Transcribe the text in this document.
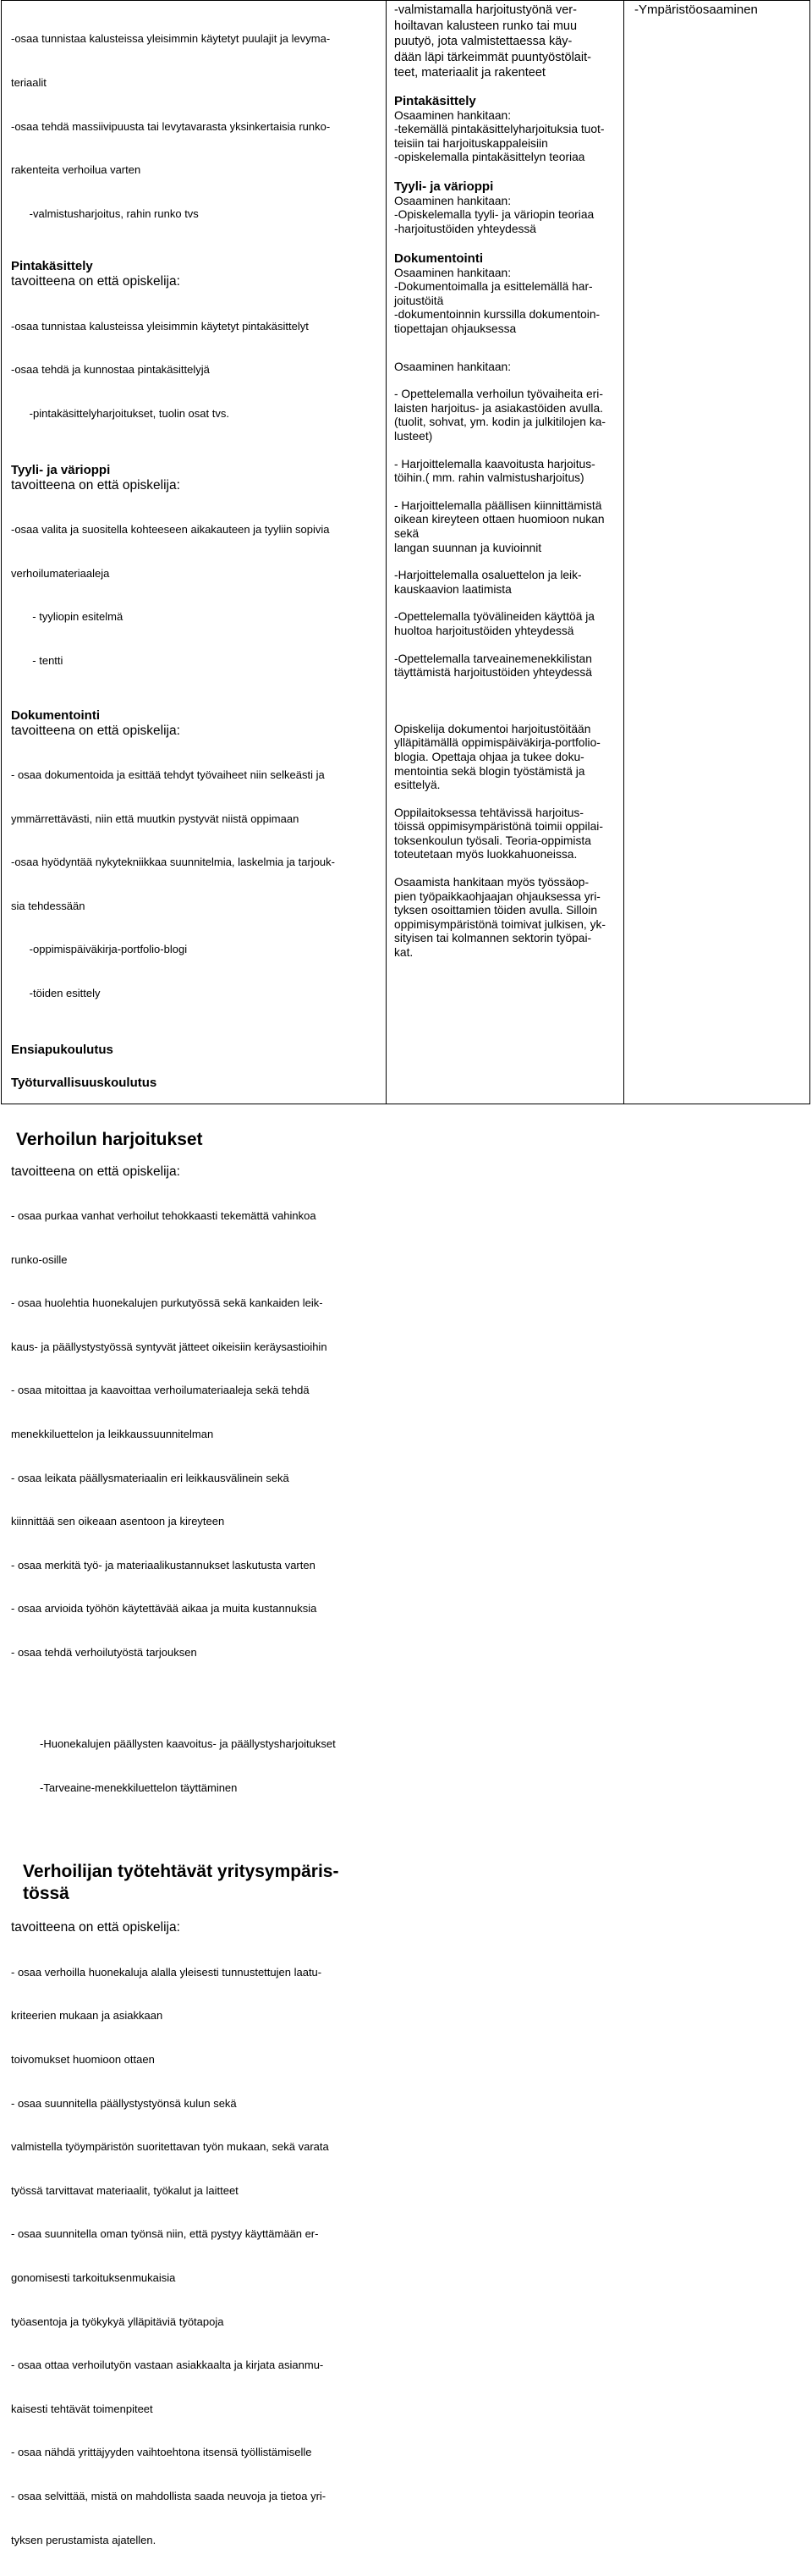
-osaa tunnistaa kalusteissa yleisimmin käytetyt puulajit ja levyma-

teriaalit

-osaa tehdä massiivipuusta tai levytavarasta yksinkertaisia runko-

rakenteita verhoilua varten

-valmistusharjoitus, rahin runko tvs

Pintakäsittely
tavoitteena on että opiskelija:

-osaa tunnistaa kalusteissa yleisimmin käytetyt pintakäsittelyt

-osaa tehdä ja kunnostaa pintakäsittelyjä

-pintakäsittelyharjoitukset, tuolin osat tvs.

Tyyli- ja värioppi
tavoitteena on että opiskelija:

-osaa valita ja suositella kohteeseen aikakauteen ja tyyliin sopivia

verhoilumateriaaleja

- tyyliopin esitelmä

- tentti

Dokumentointi
tavoitteena on että opiskelija:

- osaa dokumentoida ja esittää tehdyt työvaiheet niin selkeästi ja

ymmärrettävästi, niin että muutkin pystyvät niistä oppimaan

-osaa hyödyntää nykytekniikkaa suunnitelmia, laskelmia ja tarjouk-

sia tehdessään

-oppimispäiväkirja-portfolio-blogi

-töiden esittely

Ensiapukoulutus
Työturvallisuuskoulutus
Verhoilun harjoitukset
tavoitteena on että opiskelija:

- osaa purkaa vanhat verhoilut tehokkaasti tekemättä vahinkoa

runko-osille

- osaa huolehtia huonekalujen purkutyössä sekä kankaiden leik-

kaus- ja päällystystyössä syntyvät jätteet oikeisiin keräysastioihin

- osaa mitoittaa ja kaavoittaa verhoilumateriaaleja sekä tehdä

menekkiluettelon ja leikkaussuunnitelman

- osaa leikata päällysmateriaalin eri leikkausvälinein sekä

kiinnittää sen oikeaan asentoon ja kireyteen

- osaa merkitä työ- ja materiaalikustannukset laskutusta varten

- osaa arvioida työhön käytettävää aikaa ja muita kustannuksia

- osaa tehdä verhoilutyöstä tarjouksen

-Huonekalujen päällysten kaavoitus- ja päällystysharjoitukset

-Tarveaine-menekkiluettelon täyttäminen

Verhoilijan työtehtävät yritysympäris-
tössä
tavoitteena on että opiskelija:

- osaa verhoilla huonekaluja alalla yleisesti tunnustettujen laatu-

kriteerien mukaan ja asiakkaan

toivomukset huomioon ottaen

- osaa suunnitella päällystystyönsä kulun sekä

valmistella työympäristön suoritettavan työn mukaan, sekä varata

työssä tarvittavat materiaalit, työkalut ja laitteet

- osaa suunnitella oman työnsä niin, että pystyy käyttämään er-

gonomisesti tarkoituksenmukaisia

työasentoja ja työkykyä ylläpitäviä työtapoja

- osaa ottaa verhoilutyön vastaan asiakkaalta ja kirjata asianmu-

kaisesti tehtävät toimenpiteet

- osaa nähdä yrittäjyyden vaihtoehtona itsensä työllistämiselle

- osaa selvittää, mistä on mahdollista saada neuvoja ja tietoa yri-

tyksen perustamista ajatellen.

-valmistamalla harjoitustyönä ver-
hoiltavan kalusteen runko tai muu
puutyö, jota valmistettaessa käy-
dään läpi tärkeimmät puuntyöstölait-
teet, materiaalit ja rakenteet
Pintakäsittely
Osaaminen hankitaan:
-tekemällä pintakäsittelyharjoituksia tuot-
teisiin tai harjoituskappaleisiin
-opiskelemalla pintakäsittelyn teoriaa
Tyyli- ja värioppi
Osaaminen hankitaan:
-Opiskelemalla tyyli- ja väriopin teoriaa
-harjoitustöiden yhteydessä
Dokumentointi
Osaaminen hankitaan:
-Dokumentoimalla ja esittelemällä har-
joitustöitä
-dokumentoinnin kurssilla dokumentoin-
tiopettajan ohjauksessa
Osaaminen hankitaan:
- Opettelemalla verhoilun työvaiheita eri-
laisten harjoitus- ja asiakastöiden avulla.
(tuolit, sohvat, ym. kodin ja julkitilojen ka-
lusteet)
- Harjoittelemalla kaavoitusta harjoitus-
töihin.( mm. rahin valmistusharjoitus)
- Harjoittelemalla päällisen kiinnittämistä
oikean kireyteen ottaen huomioon nukan
sekä
langan suunnan ja kuvioinnit
-Harjoittelemalla osaluettelon ja leik-
kauskaavion laatimista
-Opettelemalla työvälineiden käyttöä ja
huoltoa harjoitustöiden yhteydessä
-Opettelemalla tarveainemenekkilistan
täyttämistä harjoitustöiden yhteydessä
Opiskelija dokumentoi harjoitustöitään
ylläpitämällä oppimispäiväkirja-portfolio-
blogia. Opettaja ohjaa ja tukee doku-
mentointia sekä blogin työstämistä ja
esittelyä.
Oppilaitoksessa tehtävissä harjoitus-
töissä oppimisympäristönä toimii oppilai-
toksenkoulun työsali. Teoria-oppimista
toteutetaan myös luokkahuoneissa.
Osaamista hankitaan myös työssäop-
pien työpaikkaohjaajan ohjauksessa yri-
tyksen osoittamien töiden avulla. Silloin
oppimisympäristönä toimivat julkisen, yk-
sityisen tai kolmannen sektorin työpai-
kat.
-Ympäristöosaaminen
